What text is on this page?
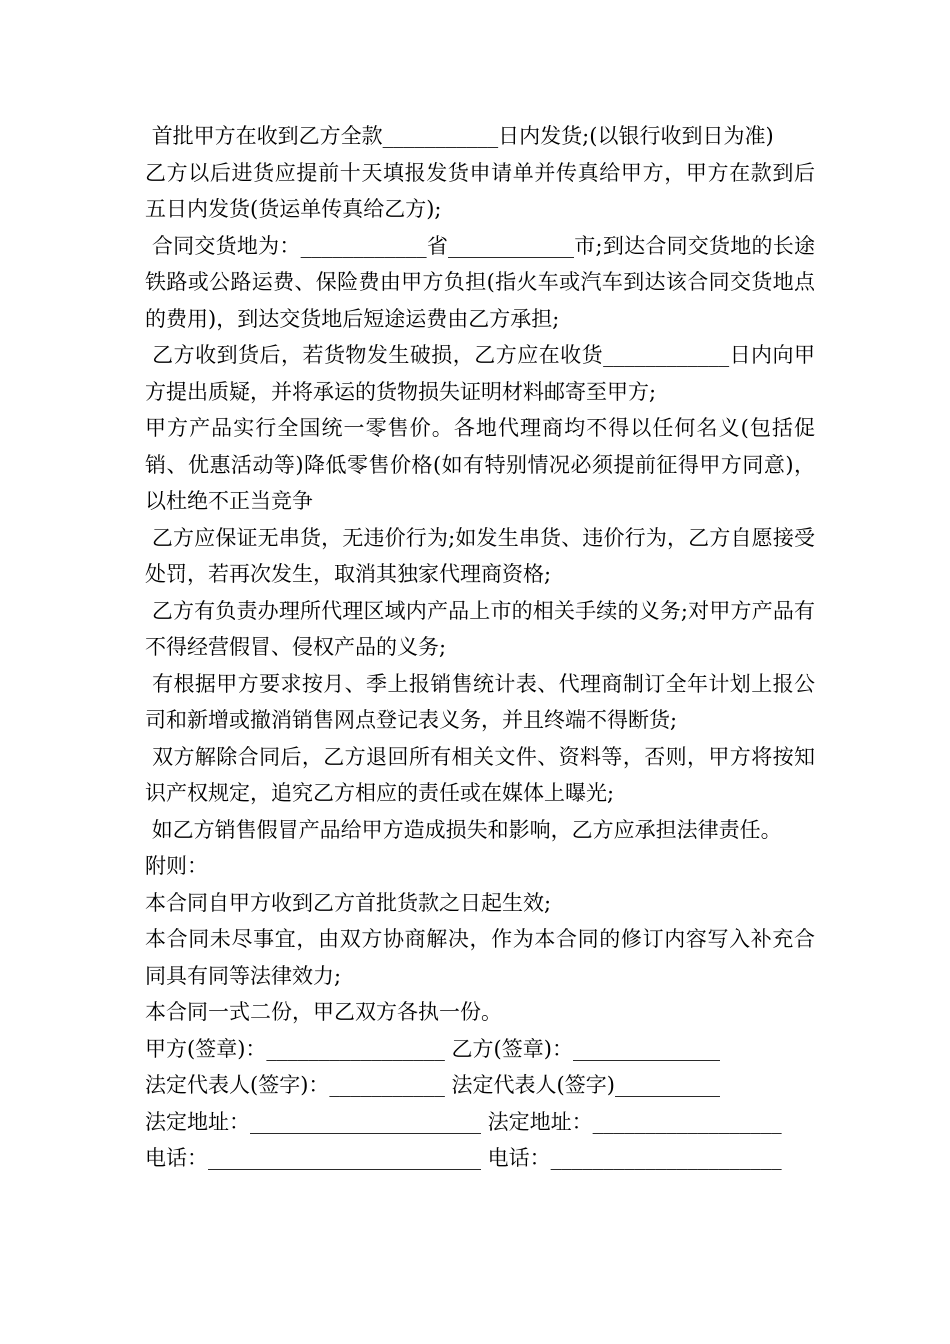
首批甲方在收到乙方全款___________日内发货;(以银行收到日为准)

乙方以后进货应提前十天填报发货申请单并传真给甲方，甲方在款到后五日内发货(货运单传真给乙方);

合同交货地为：____________省____________市;到达合同交货地的长途铁路或公路运费、保险费由甲方负担(指火车或汽车到达该合同交货地点的费用)，到达交货地后短途运费由乙方承担;

乙方收到货后，若货物发生破损，乙方应在收货____________日内向甲方提出质疑，并将承运的货物损失证明材料邮寄至甲方;

甲方产品实行全国统一零售价。各地代理商均不得以任何名义(包括促销、优惠活动等)降低零售价格(如有特别情况必须提前征得甲方同意)，以杜绝不正当竞争

乙方应保证无串货，无违价行为;如发生串货、违价行为，乙方自愿接受处罚，若再次发生，取消其独家代理商资格;

乙方有负责办理所代理区域内产品上市的相关手续的义务;对甲方产品有不得经营假冒、侵权产品的义务;

有根据甲方要求按月、季上报销售统计表、代理商制订全年计划上报公司和新增或撤消销售网点登记表义务，并且终端不得断货;

双方解除合同后，乙方退回所有相关文件、资料等，否则，甲方将按知识产权规定，追究乙方相应的责任或在媒体上曝光;

如乙方销售假冒产品给甲方造成损失和影响，乙方应承担法律责任。

附则：

本合同自甲方收到乙方首批货款之日起生效;

本合同未尽事宜，由双方协商解决，作为本合同的修订内容写入补充合同具有同等法律效力;

本合同一式二份，甲乙双方各执一份。

甲方(签章)：_________________ 乙方(签章)：______________

法定代表人(签字)：___________ 法定代表人(签字)__________

法定地址：______________________ 法定地址：__________________

电话：__________________________ 电话：______________________
